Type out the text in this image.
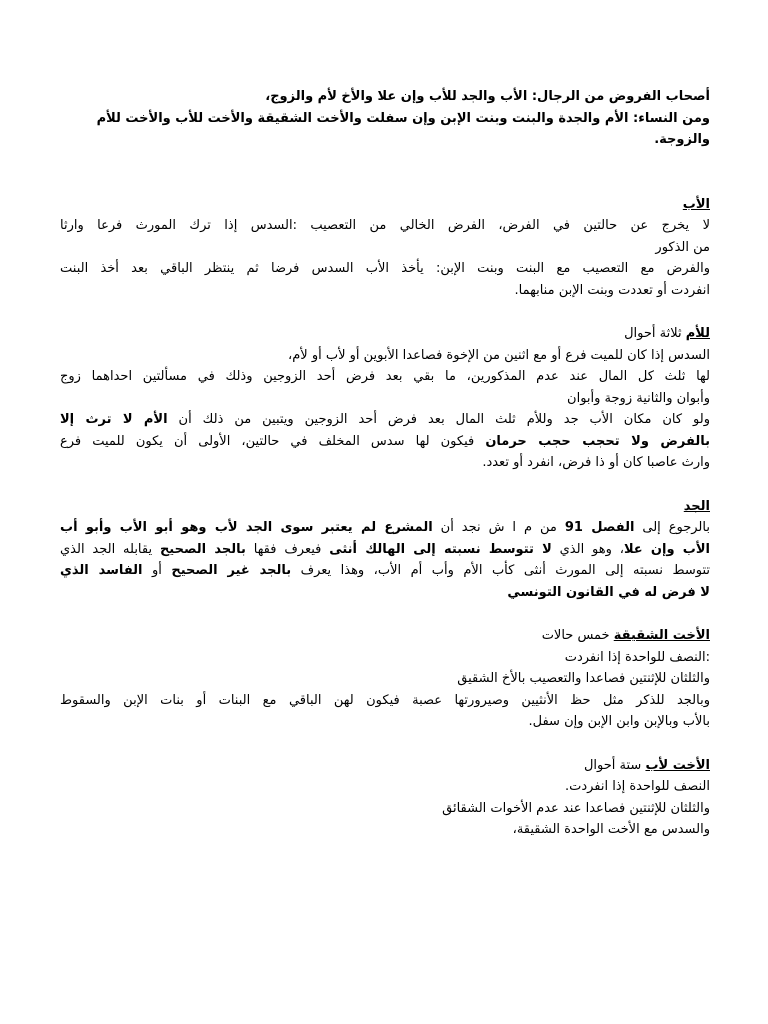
أصحاب الفروض من الرجال: الأب والجد للأب وإن علا والأخ لأم والزوج،

ومن النساء: الأم والجدة والبنت وبنت الإبن وإن سفلت والأخت الشقيقة والأخت للأب والأخت للأم

والزوجة.

الأب

لا يخرج عن حالتين في الفرض، الفرض الخالي من التعصيب :السدس إذا ترك المورث فرعا وارثا

من الذكور

والفرض مع التعصيب مع البنت وبنت الإبن: يأخذ الأب السدس فرضا ثم ينتظر الباقي بعد أخذ البنت

انفردت أو تعددت وبنت الإبن منابهما.

للأم ثلاثة أحوال

السدس إذا كان للميت فرع أو مع اثنين من الإخوة فصاعدا الأبوين أو لأب أو لأم،

لها ثلث كل المال عند عدم المذكورين، ما بقي بعد فرض أحد الزوجين وذلك في مسألتين احداهما زوج

وأبوان والثانية زوجة وأبوان

ولو كان مكان الأب جد وللأم ثلث المال بعد فرض أحد الزوجين ويتبين من ذلك أن الأم لا ترث إلا

بالفرض ولا تحجب حجب حرمان فيكون لها سدس المخلف في حالتين، الأولى أن يكون للميت فرع

وارث عاصبا كان أو ذا فرض، انفرد أو تعدد.

الجد

بالرجوع إلى الفصل 91 من م ا ش نجد أن المشرع لم يعتبر سوى الجد لأب وهو أبو الأب وأبو أب

الأب وإن علا، وهو الذي لا تتوسط نسبته إلى الهالك أنثى فيعرف فقها بالجد الصحيح يقابله الجد الذي

تتوسط نسبته إلى المورث أنثى كأب الأم وأب أم الأب، وهذا يعرف بالجد غير الصحيح أو الفاسد الذي

لا فرض له في القانون التونسي

الأخت الشقيقة خمس حالات

:النصف للواحدة إذا انفردت

والثلثان للإثنتين فصاعدا والتعصيب بالأخ الشقيق

وبالجد للذكر مثل حظ الأنثيين وصيرورتها عصبة فيكون لهن الباقي مع البنات أو بنات الإبن والسقوط

بالأب وبالإبن وابن الإبن وإن سفل.

الأخت لأب ستة أحوال

النصف للواحدة إذا انفردت.

والثلثان للإثنتين فصاعدا عند عدم الأخوات الشقائق

والسدس مع الأخت الواحدة الشقيقة،
